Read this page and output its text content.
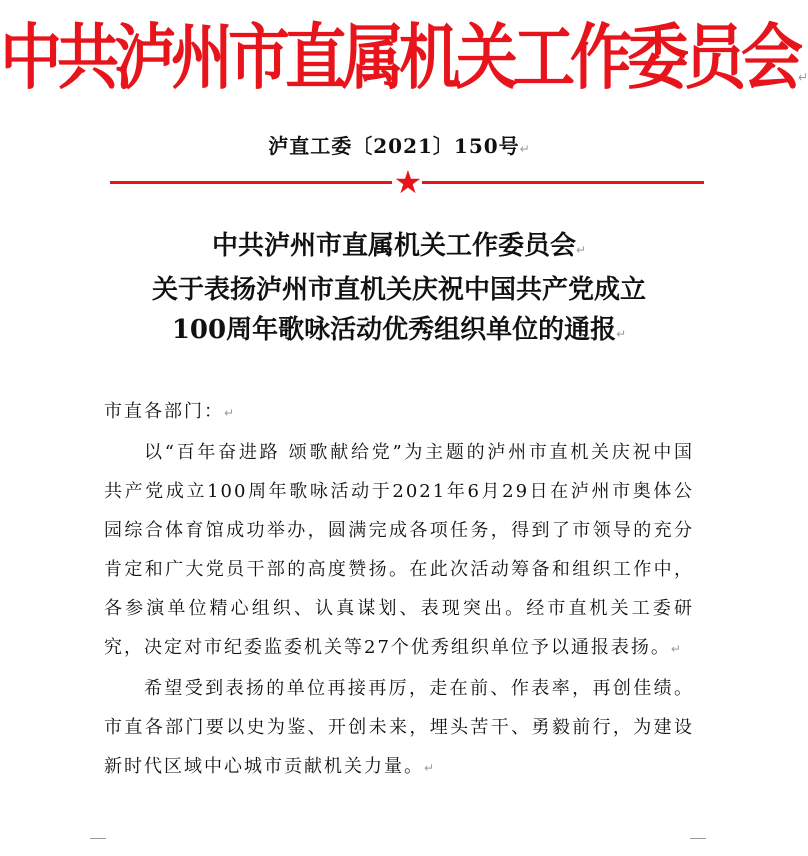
中共泸州市直属机关工作委员会↵
泸直工委〔2021〕150号↵
★
中共泸州市直属机关工作委员会↵
关于表扬泸州市直机关庆祝中国共产党成立
100周年歌咏活动优秀组织单位的通报↵

市直各部门：↵

以“百年奋进路 颂歌献给党”为主题的泸州市直机关庆祝中国共产党成立100周年歌咏活动于2021年6月29日在泸州市奥体公园综合体育馆成功举办，圆满完成各项任务，得到了市领导的充分肯定和广大党员干部的高度赞扬。在此次活动筹备和组织工作中，各参演单位精心组织、认真谋划、表现突出。经市直机关工委研究，决定对市纪委监委机关等27个优秀组织单位予以通报表扬。↵

希望受到表扬的单位再接再厉，走在前、作表率，再创佳绩。市直各部门要以史为鉴、开创未来，埋头苦干、勇毅前行，为建设新时代区域中心城市贡献机关力量。↵
